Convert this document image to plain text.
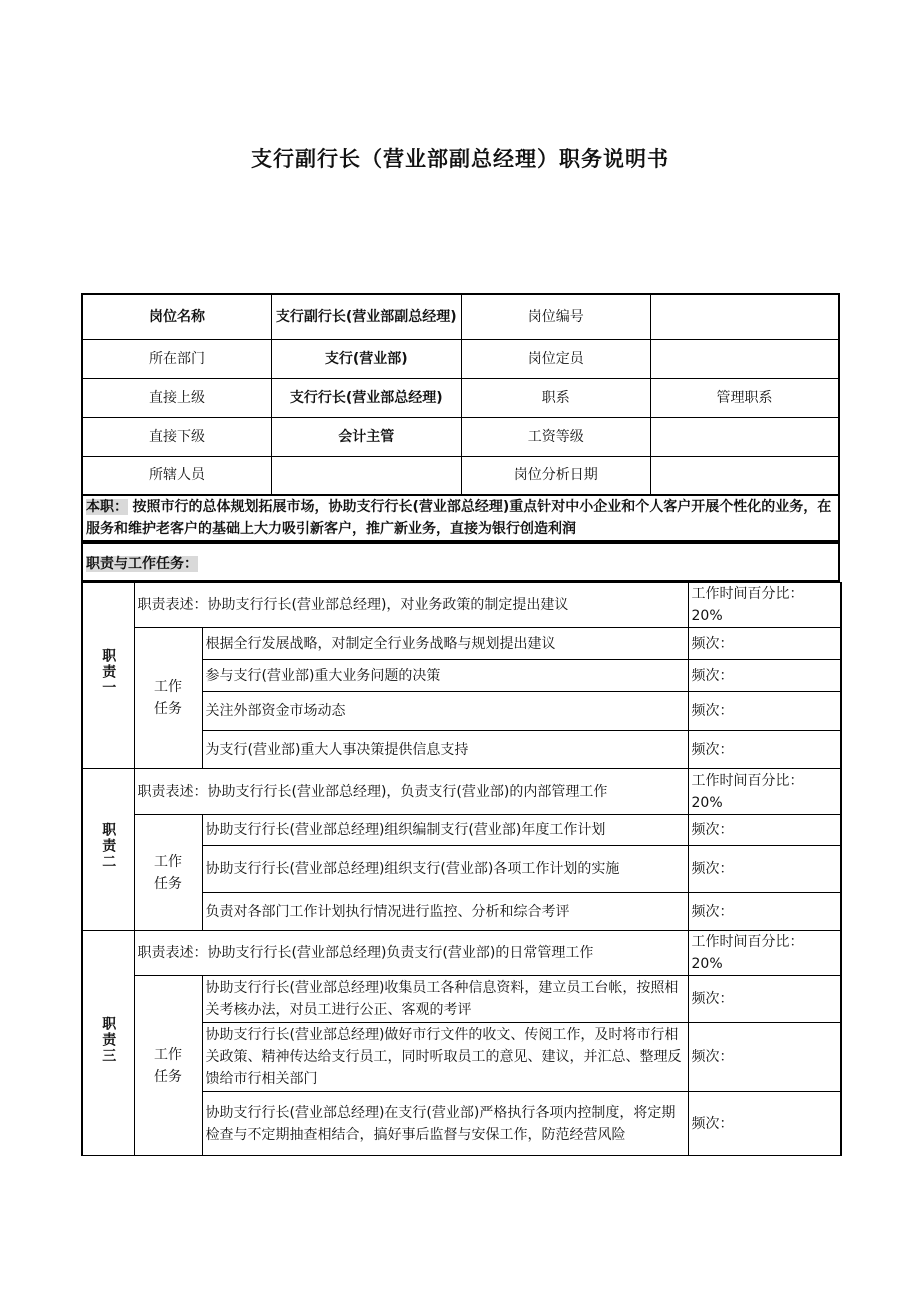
支行副行长（营业部副总经理）职务说明书
岗位名称	支行副行长(营业部副总经理)	岗位编号	
所在部门	支行(营业部)	岗位定员	
直接上级	支行行长(营业部总经理)	职系	管理职系
直接下级	会计主管	工资等级	
所辖人员		岗位分析日期	
本职： 按照市行的总体规划拓展市场，协助支行行长(营业部总经理)重点针对中小企业和个人客户开展个性化的业务，在服务和维护老客户的基础上大力吸引新客户，推广新业务，直接为银行创造利润
职责与工作任务：
职责一	职责表述：协助支行行长(营业部总经理)，对业务政策的制定提出建议		工作时间百分比：
20%
	工作任务	根据全行发展战略，对制定全行业务战略与规划提出建议	频次：
		参与支行(营业部)重大业务问题的决策	频次：
		关注外部资金市场动态	频次：
		为支行(营业部)重大人事决策提供信息支持	频次：
职责二	职责表述：协助支行行长(营业部总经理)，负责支行(营业部)的内部管理工作		工作时间百分比：
20%
	工作任务	协助支行行长(营业部总经理)组织编制支行(营业部)年度工作计划	频次：
		协助支行行长(营业部总经理)组织支行(营业部)各项工作计划的实施	频次：
		负责对各部门工作计划执行情况进行监控、分析和综合考评	频次：
职责三	职责表述：协助支行行长(营业部总经理)负责支行(营业部)的日常管理工作		工作时间百分比：
20%
	工作任务	协助支行行长(营业部总经理)收集员工各种信息资料，建立员工台帐，按照相关考核办法，对员工进行公正、客观的考评	频次：
		协助支行行长(营业部总经理)做好市行文件的收文、传阅工作，及时将市行相关政策、精神传达给支行员工，同时听取员工的意见、建议，并汇总、整理反馈给市行相关部门	频次：
		协助支行行长(营业部总经理)在支行(营业部)严格执行各项内控制度，将定期检查与不定期抽查相结合，搞好事后监督与安保工作，防范经营风险	频次：
